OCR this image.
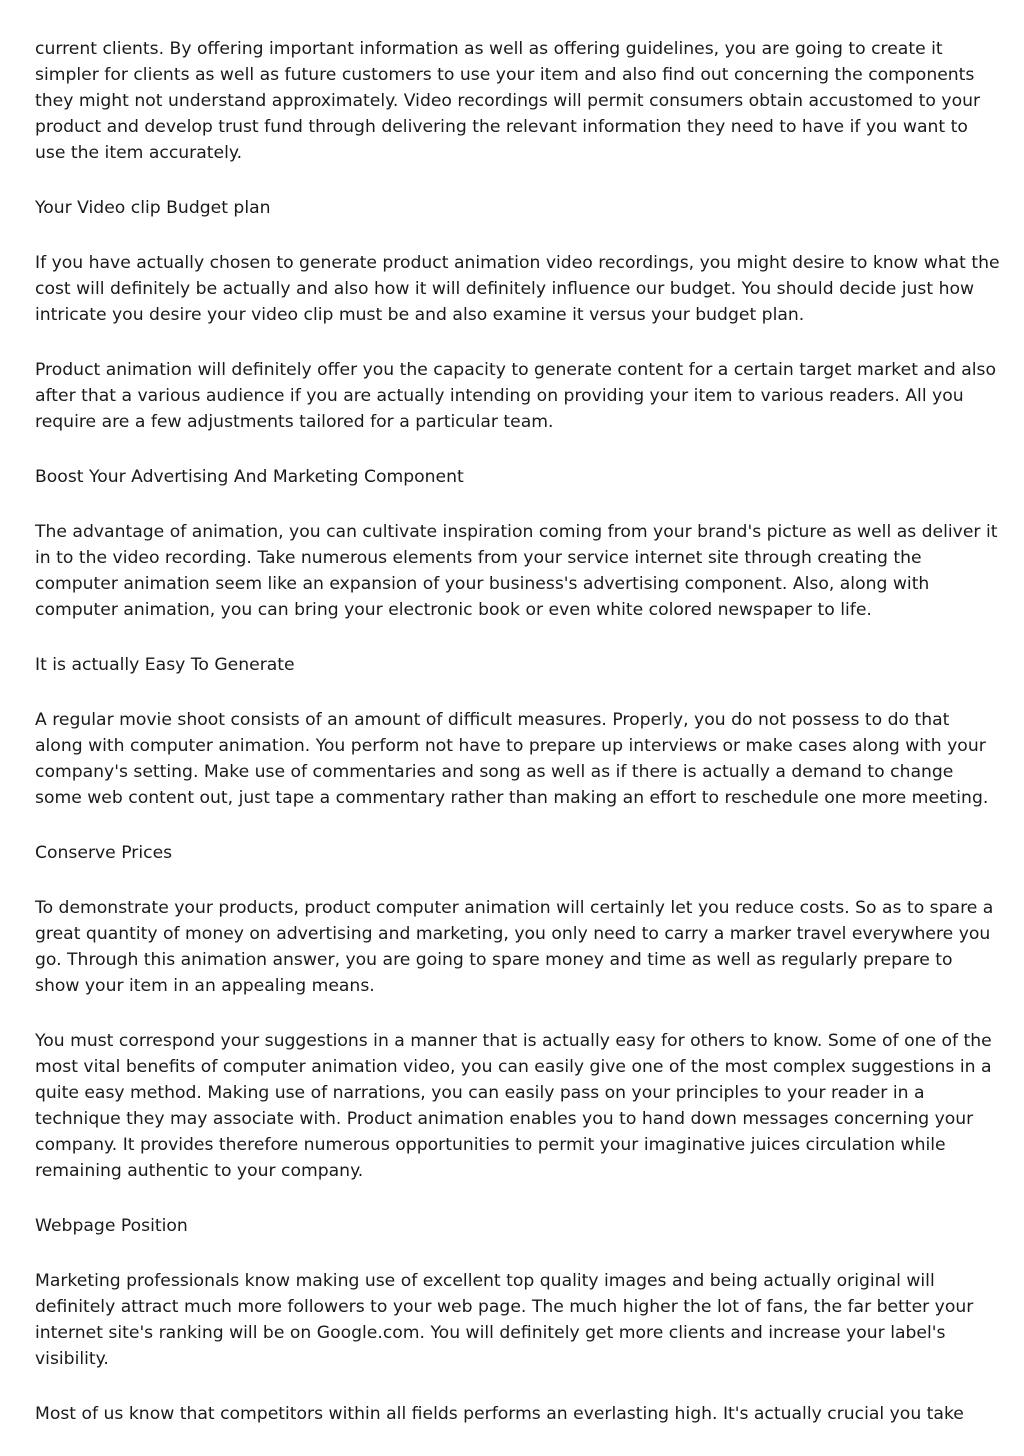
current clients. By offering important information as well as offering guidelines, you are going to create it simpler for clients as well as future customers to use your item and also find out concerning the components they might not understand approximately. Video recordings will permit consumers obtain accustomed to your product and develop trust fund through delivering the relevant information they need to have if you want to use the item accurately.

Your Video clip Budget plan

If you have actually chosen to generate product animation video recordings, you might desire to know what the cost will definitely be actually and also how it will definitely influence our budget. You should decide just how intricate you desire your video clip must be and also examine it versus your budget plan.

Product animation will definitely offer you the capacity to generate content for a certain target market and also after that a various audience if you are actually intending on providing your item to various readers. All you require are a few adjustments tailored for a particular team.

Boost Your Advertising And Marketing Component

The advantage of animation, you can cultivate inspiration coming from your brand's picture as well as deliver it in to the video recording. Take numerous elements from your service internet site through creating the computer animation seem like an expansion of your business's advertising component. Also, along with computer animation, you can bring your electronic book or even white colored newspaper to life.

It is actually Easy To Generate

A regular movie shoot consists of an amount of difficult measures. Properly, you do not possess to do that along with computer animation. You perform not have to prepare up interviews or make cases along with your company's setting. Make use of commentaries and song as well as if there is actually a demand to change some web content out, just tape a commentary rather than making an effort to reschedule one more meeting.

Conserve Prices

To demonstrate your products, product computer animation will certainly let you reduce costs. So as to spare a great quantity of money on advertising and marketing, you only need to carry a marker travel everywhere you go. Through this animation answer, you are going to spare money and time as well as regularly prepare to show your item in an appealing means.

You must correspond your suggestions in a manner that is actually easy for others to know. Some of one of the most vital benefits of computer animation video, you can easily give one of the most complex suggestions in a quite easy method. Making use of narrations, you can easily pass on your principles to your reader in a technique they may associate with. Product animation enables you to hand down messages concerning your company. It provides therefore numerous opportunities to permit your imaginative juices circulation while remaining authentic to your company.

Webpage Position

Marketing professionals know making use of excellent top quality images and being actually original will definitely attract much more followers to your web page. The much higher the lot of fans, the far better your internet site's ranking will be on Google.com. You will definitely get more clients and increase your label's visibility.

Most of us know that competitors within all fields performs an everlasting high. It's actually crucial you take
